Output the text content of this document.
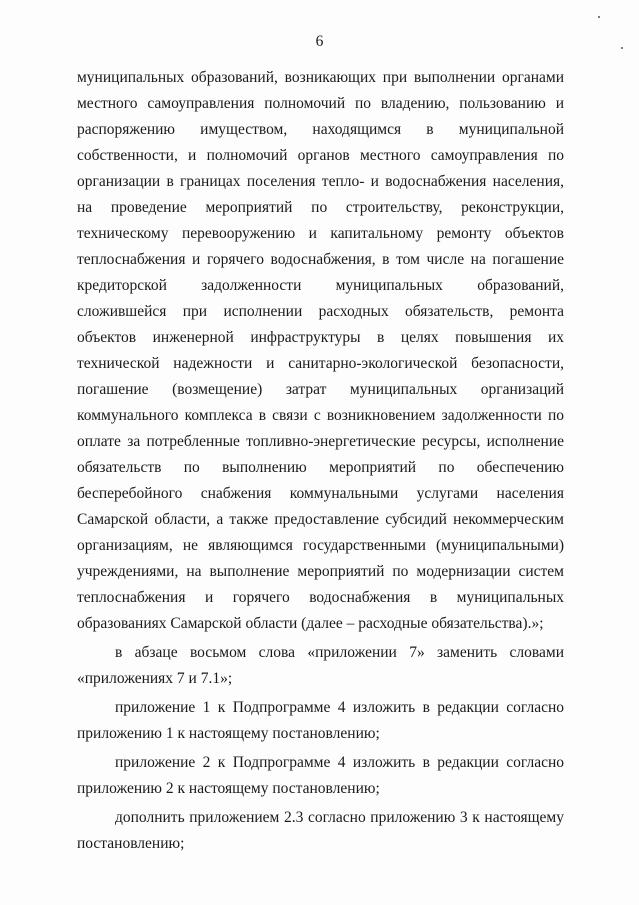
6

муниципальных образований, возникающих при выполнении органами местного самоуправления полномочий по владению, пользованию и распоряжению имуществом, находящимся в муниципальной собственности, и полномочий органов местного самоуправления по организации в границах поселения тепло- и водоснабжения населения, на проведение мероприятий по строительству, реконструкции, техническому перевооружению и капитальному ремонту объектов теплоснабжения и горячего водоснабжения, в том числе на погашение кредиторской задолженности муниципальных образований, сложившейся при исполнении расходных обязательств, ремонта объектов инженерной инфраструктуры в целях повышения их технической надежности и санитарно-экологической безопасности, погашение (возмещение) затрат муниципальных организаций коммунального комплекса в связи с возникновением задолженности по оплате за потребленные топливно-энергетические ресурсы, исполнение обязательств по выполнению мероприятий по обеспечению бесперебойного снабжения коммунальными услугами населения Самарской области, а также предоставление субсидий некоммерческим организациям, не являющимся государственными (муниципальными) учреждениями, на выполнение мероприятий по модернизации систем теплоснабжения и горячего водоснабжения в муниципальных образованиях Самарской области (далее – расходные обязательства).»;

в абзаце восьмом слова «приложении 7» заменить словами «приложениях 7 и 7.1»;

приложение 1 к Подпрограмме 4 изложить в редакции согласно приложению 1 к настоящему постановлению;

приложение 2 к Подпрограмме 4 изложить в редакции согласно приложению 2 к настоящему постановлению;

дополнить приложением 2.3 согласно приложению 3 к настоящему постановлению;
